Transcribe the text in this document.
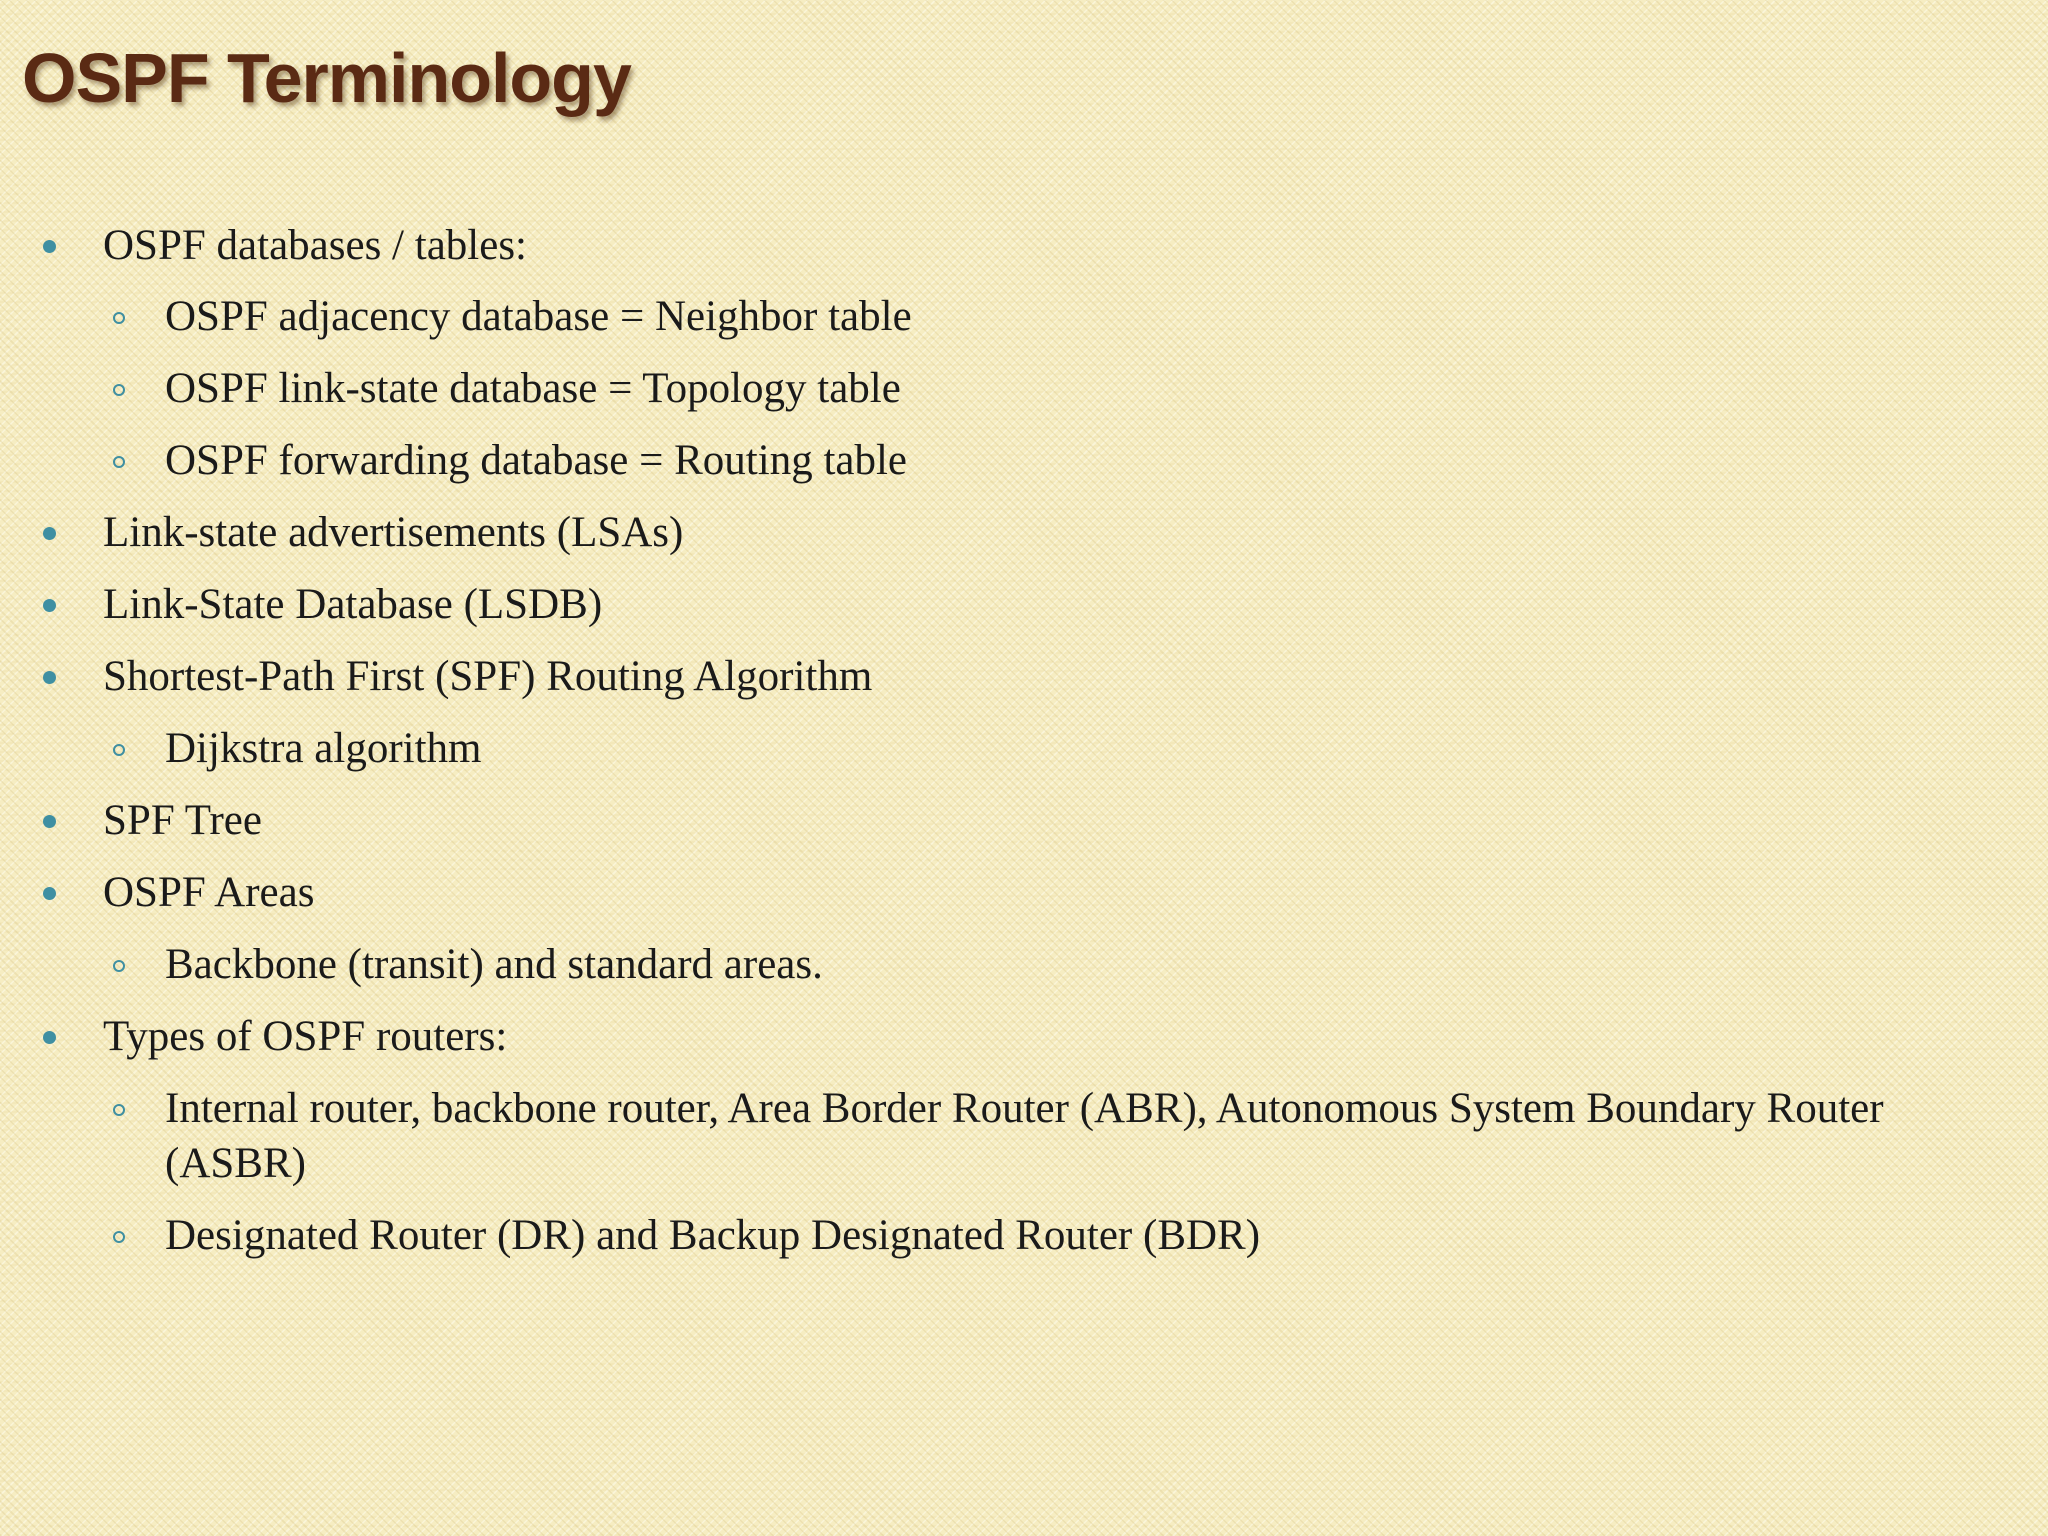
OSPF Terminology
OSPF databases / tables:
OSPF adjacency database = Neighbor table
OSPF link-state database = Topology table
OSPF forwarding database = Routing table
Link-state advertisements (LSAs)
Link-State Database (LSDB)
Shortest-Path First (SPF) Routing Algorithm
Dijkstra algorithm
SPF Tree
OSPF Areas
Backbone (transit) and standard areas.
Types of OSPF routers:
Internal router, backbone router, Area Border Router (ABR), Autonomous System Boundary Router (ASBR)
Designated Router (DR) and Backup Designated Router (BDR)
